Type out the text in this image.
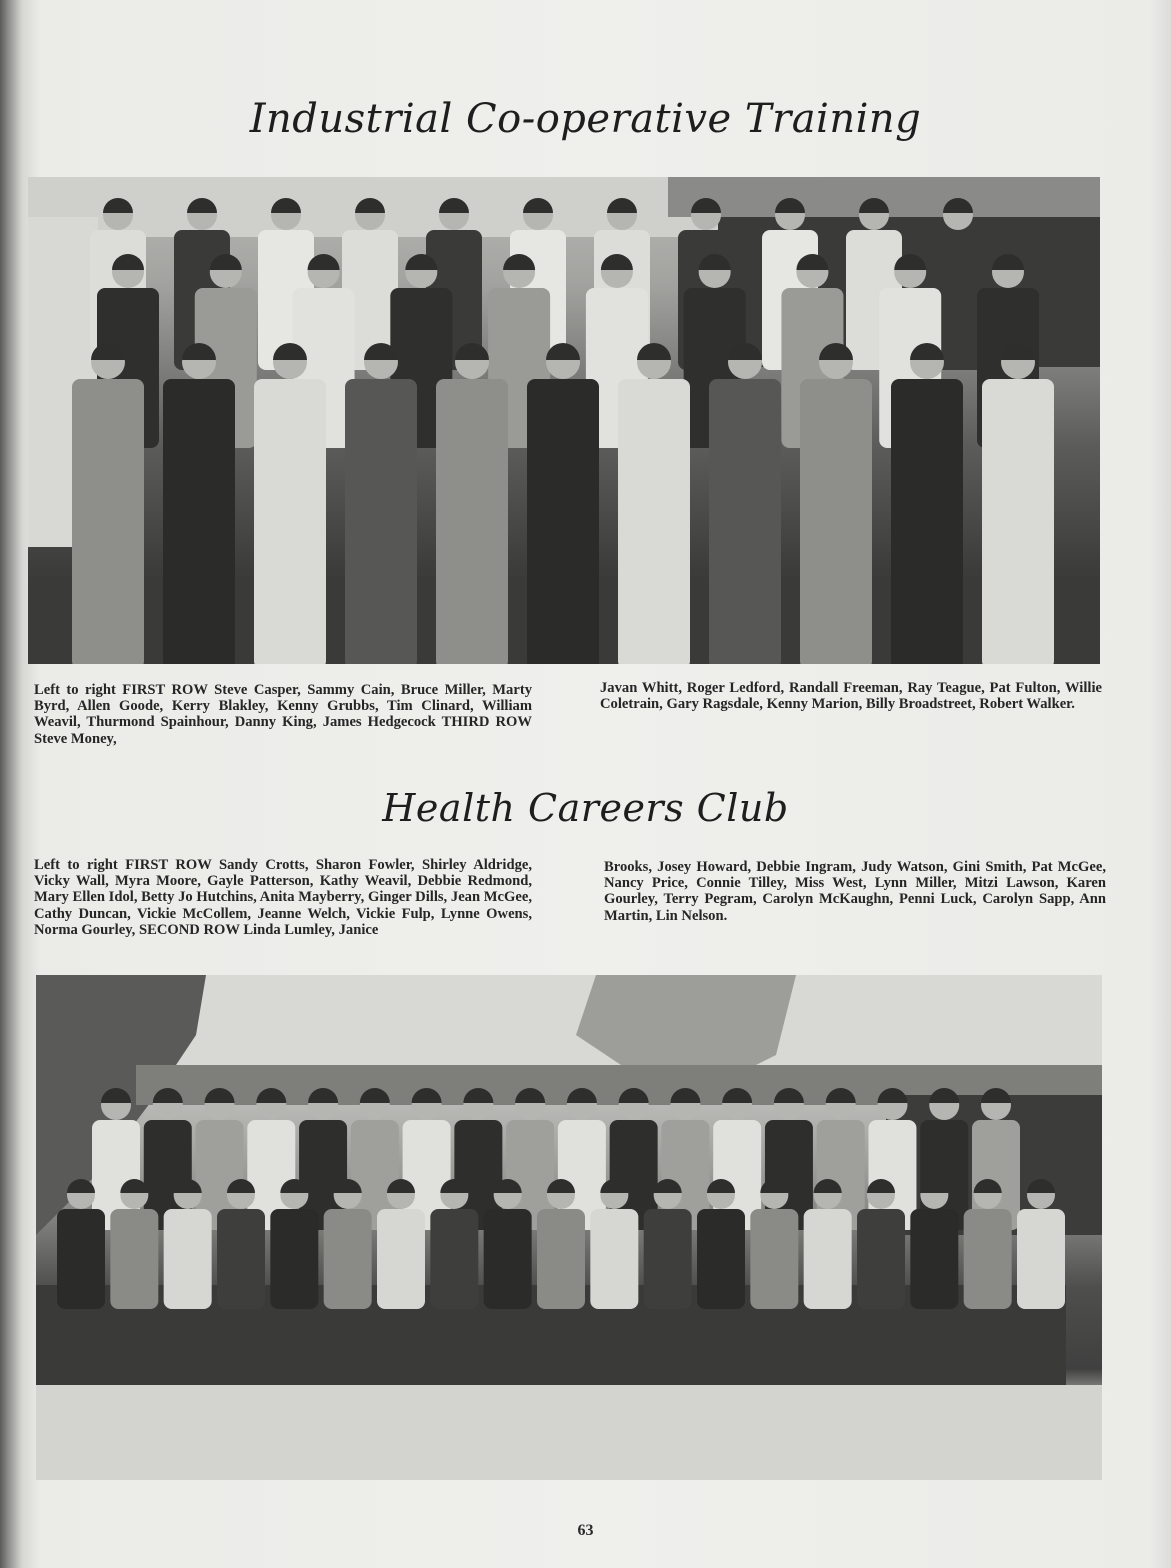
Industrial Co-operative Training

Left to right FIRST ROW Steve Casper, Sammy Cain, Bruce Miller, Marty Byrd, Allen Goode, Kerry Blakley, Kenny Grubbs, Tim Clinard, William Weavil, Thurmond Spainhour, Danny King, James Hedgecock THIRD ROW Steve Money,

Javan Whitt, Roger Ledford, Randall Freeman, Ray Teague, Pat Fulton, Willie Coletrain, Gary Ragsdale, Kenny Marion, Billy Broadstreet, Robert Walker.

Health Careers Club

Left to right FIRST ROW Sandy Crotts, Sharon Fowler, Shirley Aldridge, Vicky Wall, Myra Moore, Gayle Patterson, Kathy Weavil, Debbie Redmond, Mary Ellen Idol, Betty Jo Hutchins, Anita Mayberry, Ginger Dills, Jean McGee, Cathy Duncan, Vickie McCollem, Jeanne Welch, Vickie Fulp, Lynne Owens, Norma Gourley, SECOND ROW Linda Lumley, Janice

Brooks, Josey Howard, Debbie Ingram, Judy Watson, Gini Smith, Pat McGee, Nancy Price, Connie Tilley, Miss West, Lynn Miller, Mitzi Lawson, Karen Gourley, Terry Pegram, Carolyn McKaughn, Penni Luck, Carolyn Sapp, Ann Martin, Lin Nelson.

63
